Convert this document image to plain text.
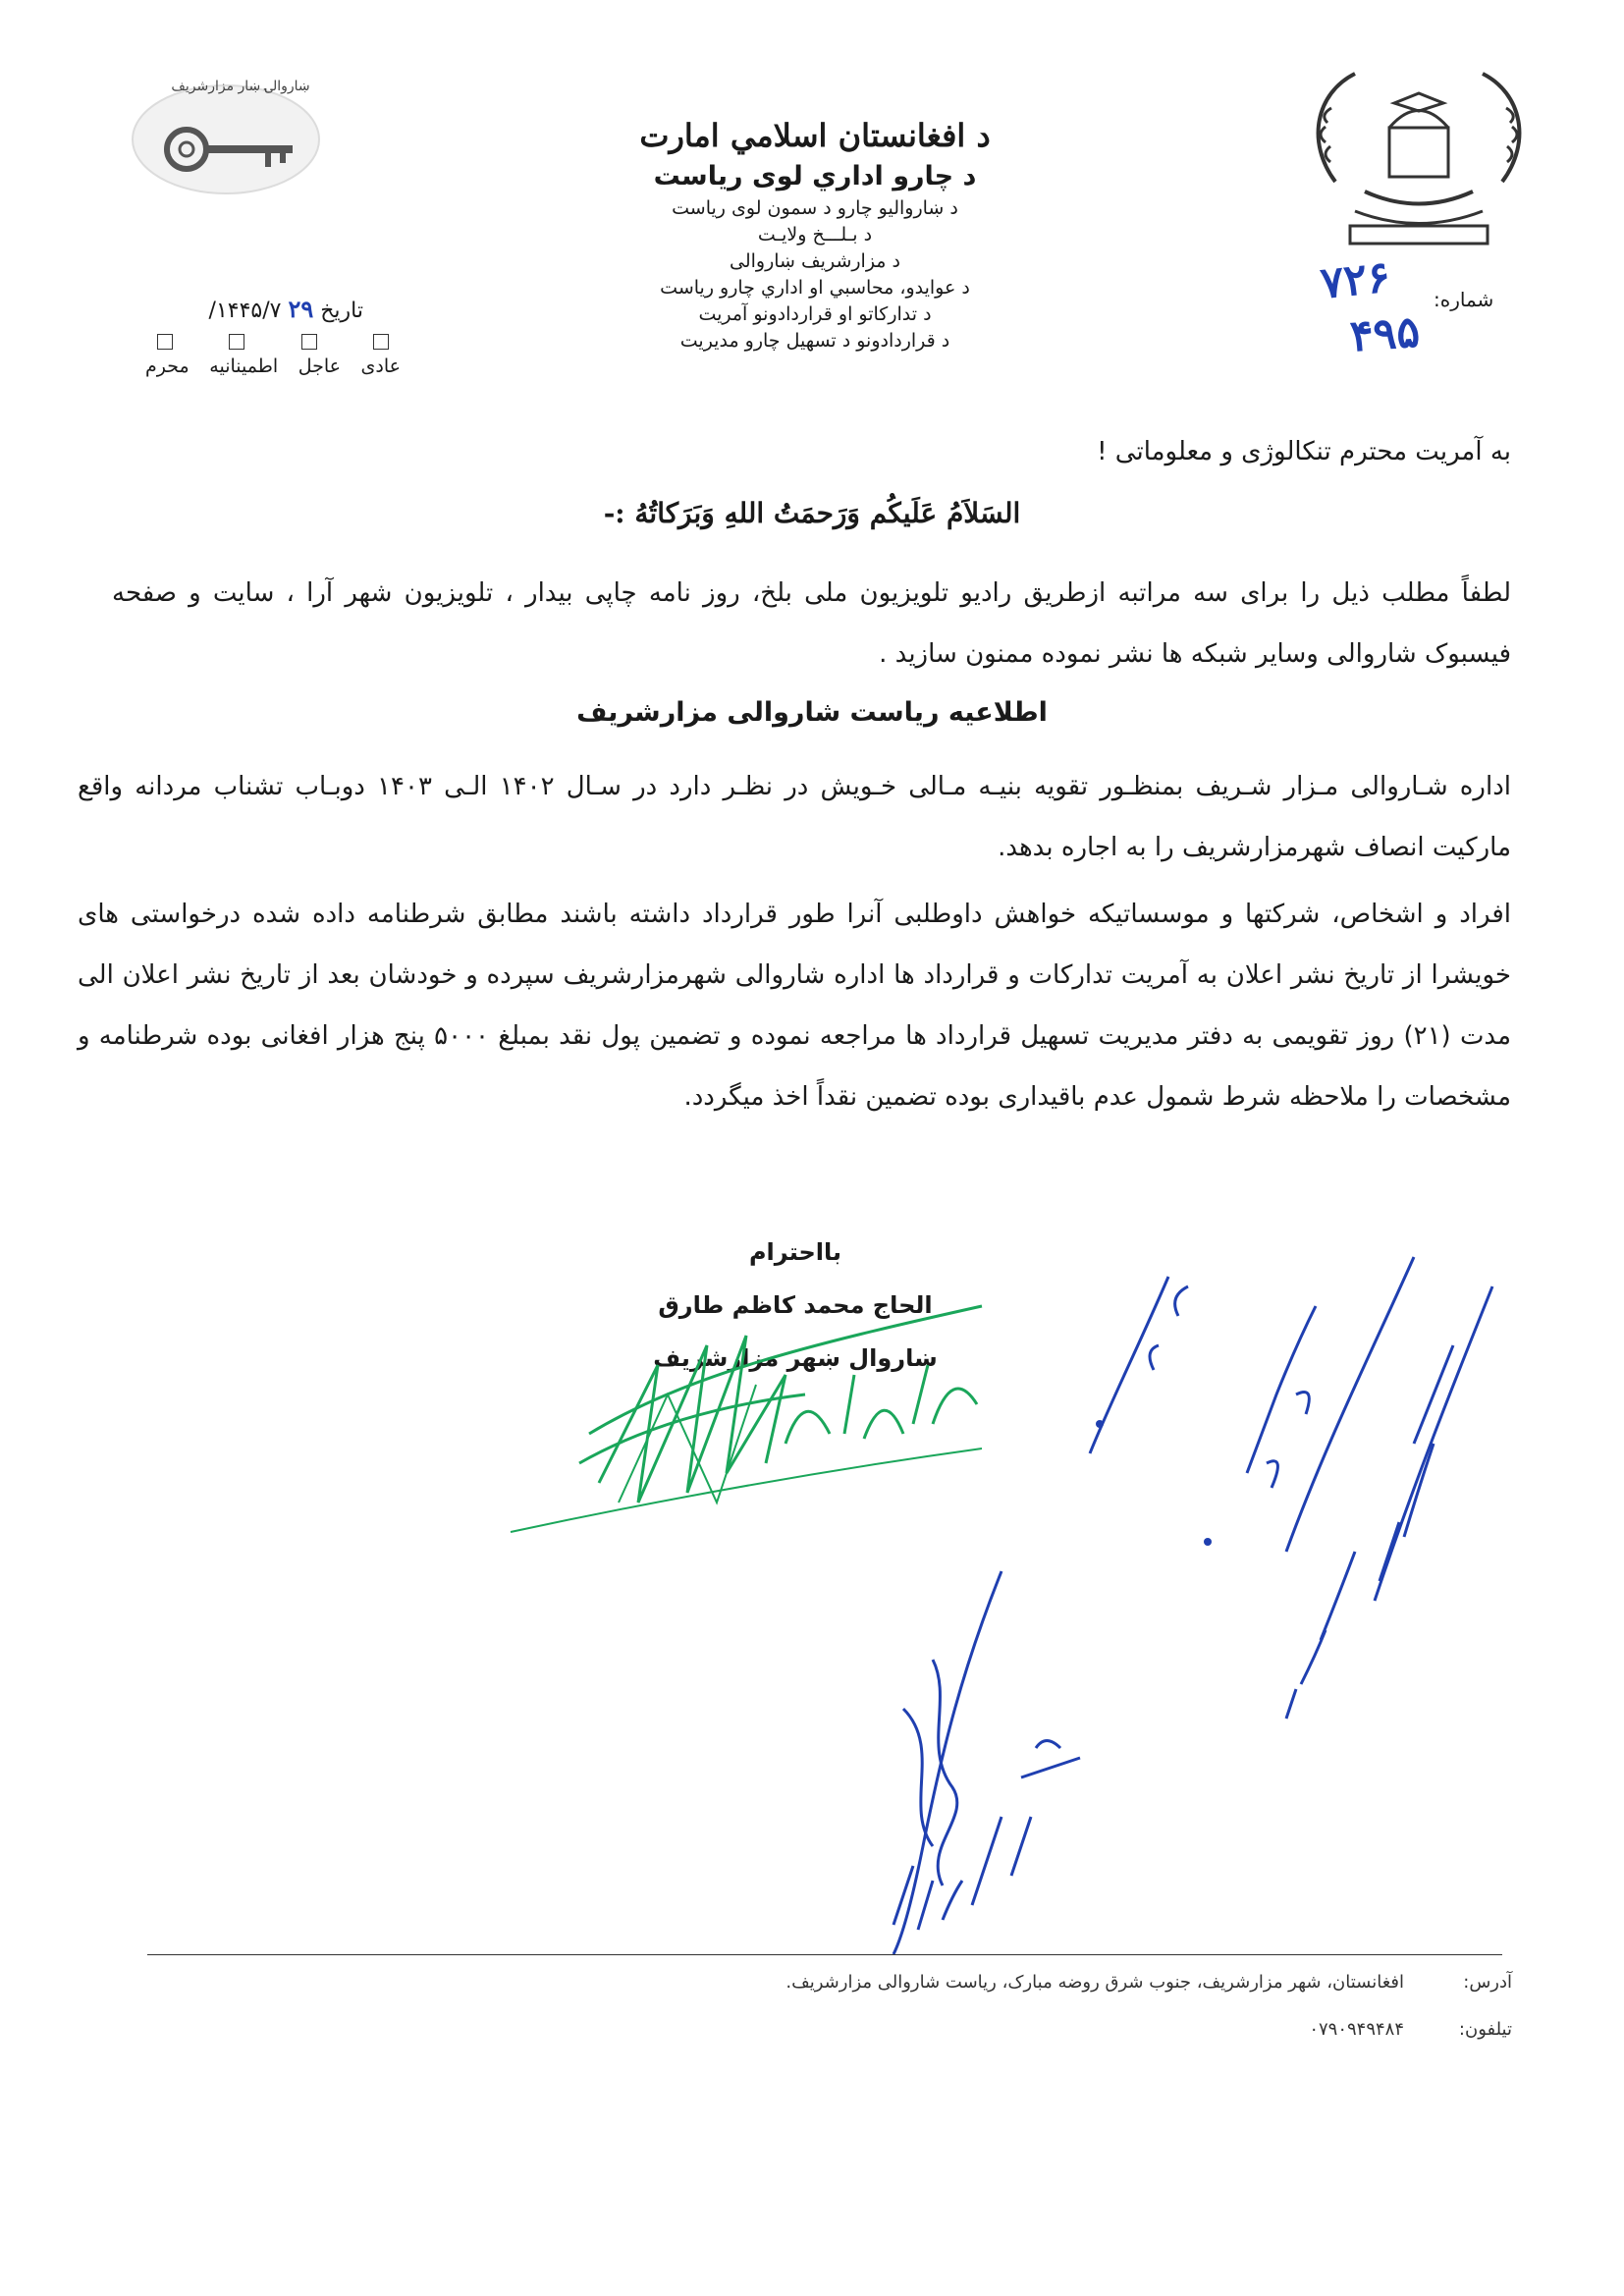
ښاروالۍ ښار مزارشریف
تاریخ ۲۹ ۱۴۴۵/۷/
عادی
عاجل
اطمینانیه
محرم
د افغانستان اسلامي امارت
د چارو اداري لوی ریاست
د ښاروالیو چارو د سمون لوی ریاست
د بـلـــخ ولایـت
د مزارشریف ښاروالی
د عوایدو، محاسبي او اداري چارو ریاست
د تدارکاتو او قراردادونو آمریت
د قراردادونو د تسهیل چارو مدیریت
شماره:
۷۲۶
۴۹۵
به آمریت محترم تنکالوژی و معلوماتی !
السَلاَمُ عَلَیکُم وَرَحمَتُ اللهِ وَبَرَکاتُهُ :-
لطفاً مطلب ذیل را برای سه مراتبه ازطریق رادیو تلویزیون ملی بلخ، روز نامه چاپی بیدار ، تلویزیون شهر آرا ، سایت و صفحه فیسبوک شاروالی وسایر شبکه ها نشر نموده ممنون سازید .
اطلاعیه ریاست شاروالی مزارشریف
اداره شـاروالی مـزار شـریف بمنظـور تقویه بنیـه مـالی خـویش در نظـر دارد در سـال ۱۴۰۲ الـی ۱۴۰۳ دوبـاب تشناب مردانه واقع مارکیت انصاف شهرمزارشریف را به اجاره بدهد.
افراد و اشخاص، شرکتها و موسساتیکه خواهش داوطلبی آنرا طور قرارداد داشته باشند مطابق شرطنامه داده شده درخواستی های خویشرا از تاریخ نشر اعلان به آمریت تدارکات و قرارداد ها اداره شاروالی شهرمزارشریف سپرده و خودشان بعد از تاریخ نشر اعلان الی مدت (۲۱) روز تقویمی به دفتر مدیریت تسهیل قرارداد ها مراجعه نموده و تضمین پول نقد بمبلغ ۵۰۰۰ پنج هزار افغانی بوده شرطنامه و مشخصات را ملاحظه شرط شمول عدم باقیداری بوده تضمین نقداً اخذ میگردد.
بااحترام
الحاج محمد کاظم طارق
ښاروال ښهر مزارشریف
آدرس:
افغانستان، شهر مزارشریف، جنوب شرق روضه مبارک، ریاست شاروالی مزارشریف.
تیلفون:
۰۷۹۰۹۴۹۴۸۴
